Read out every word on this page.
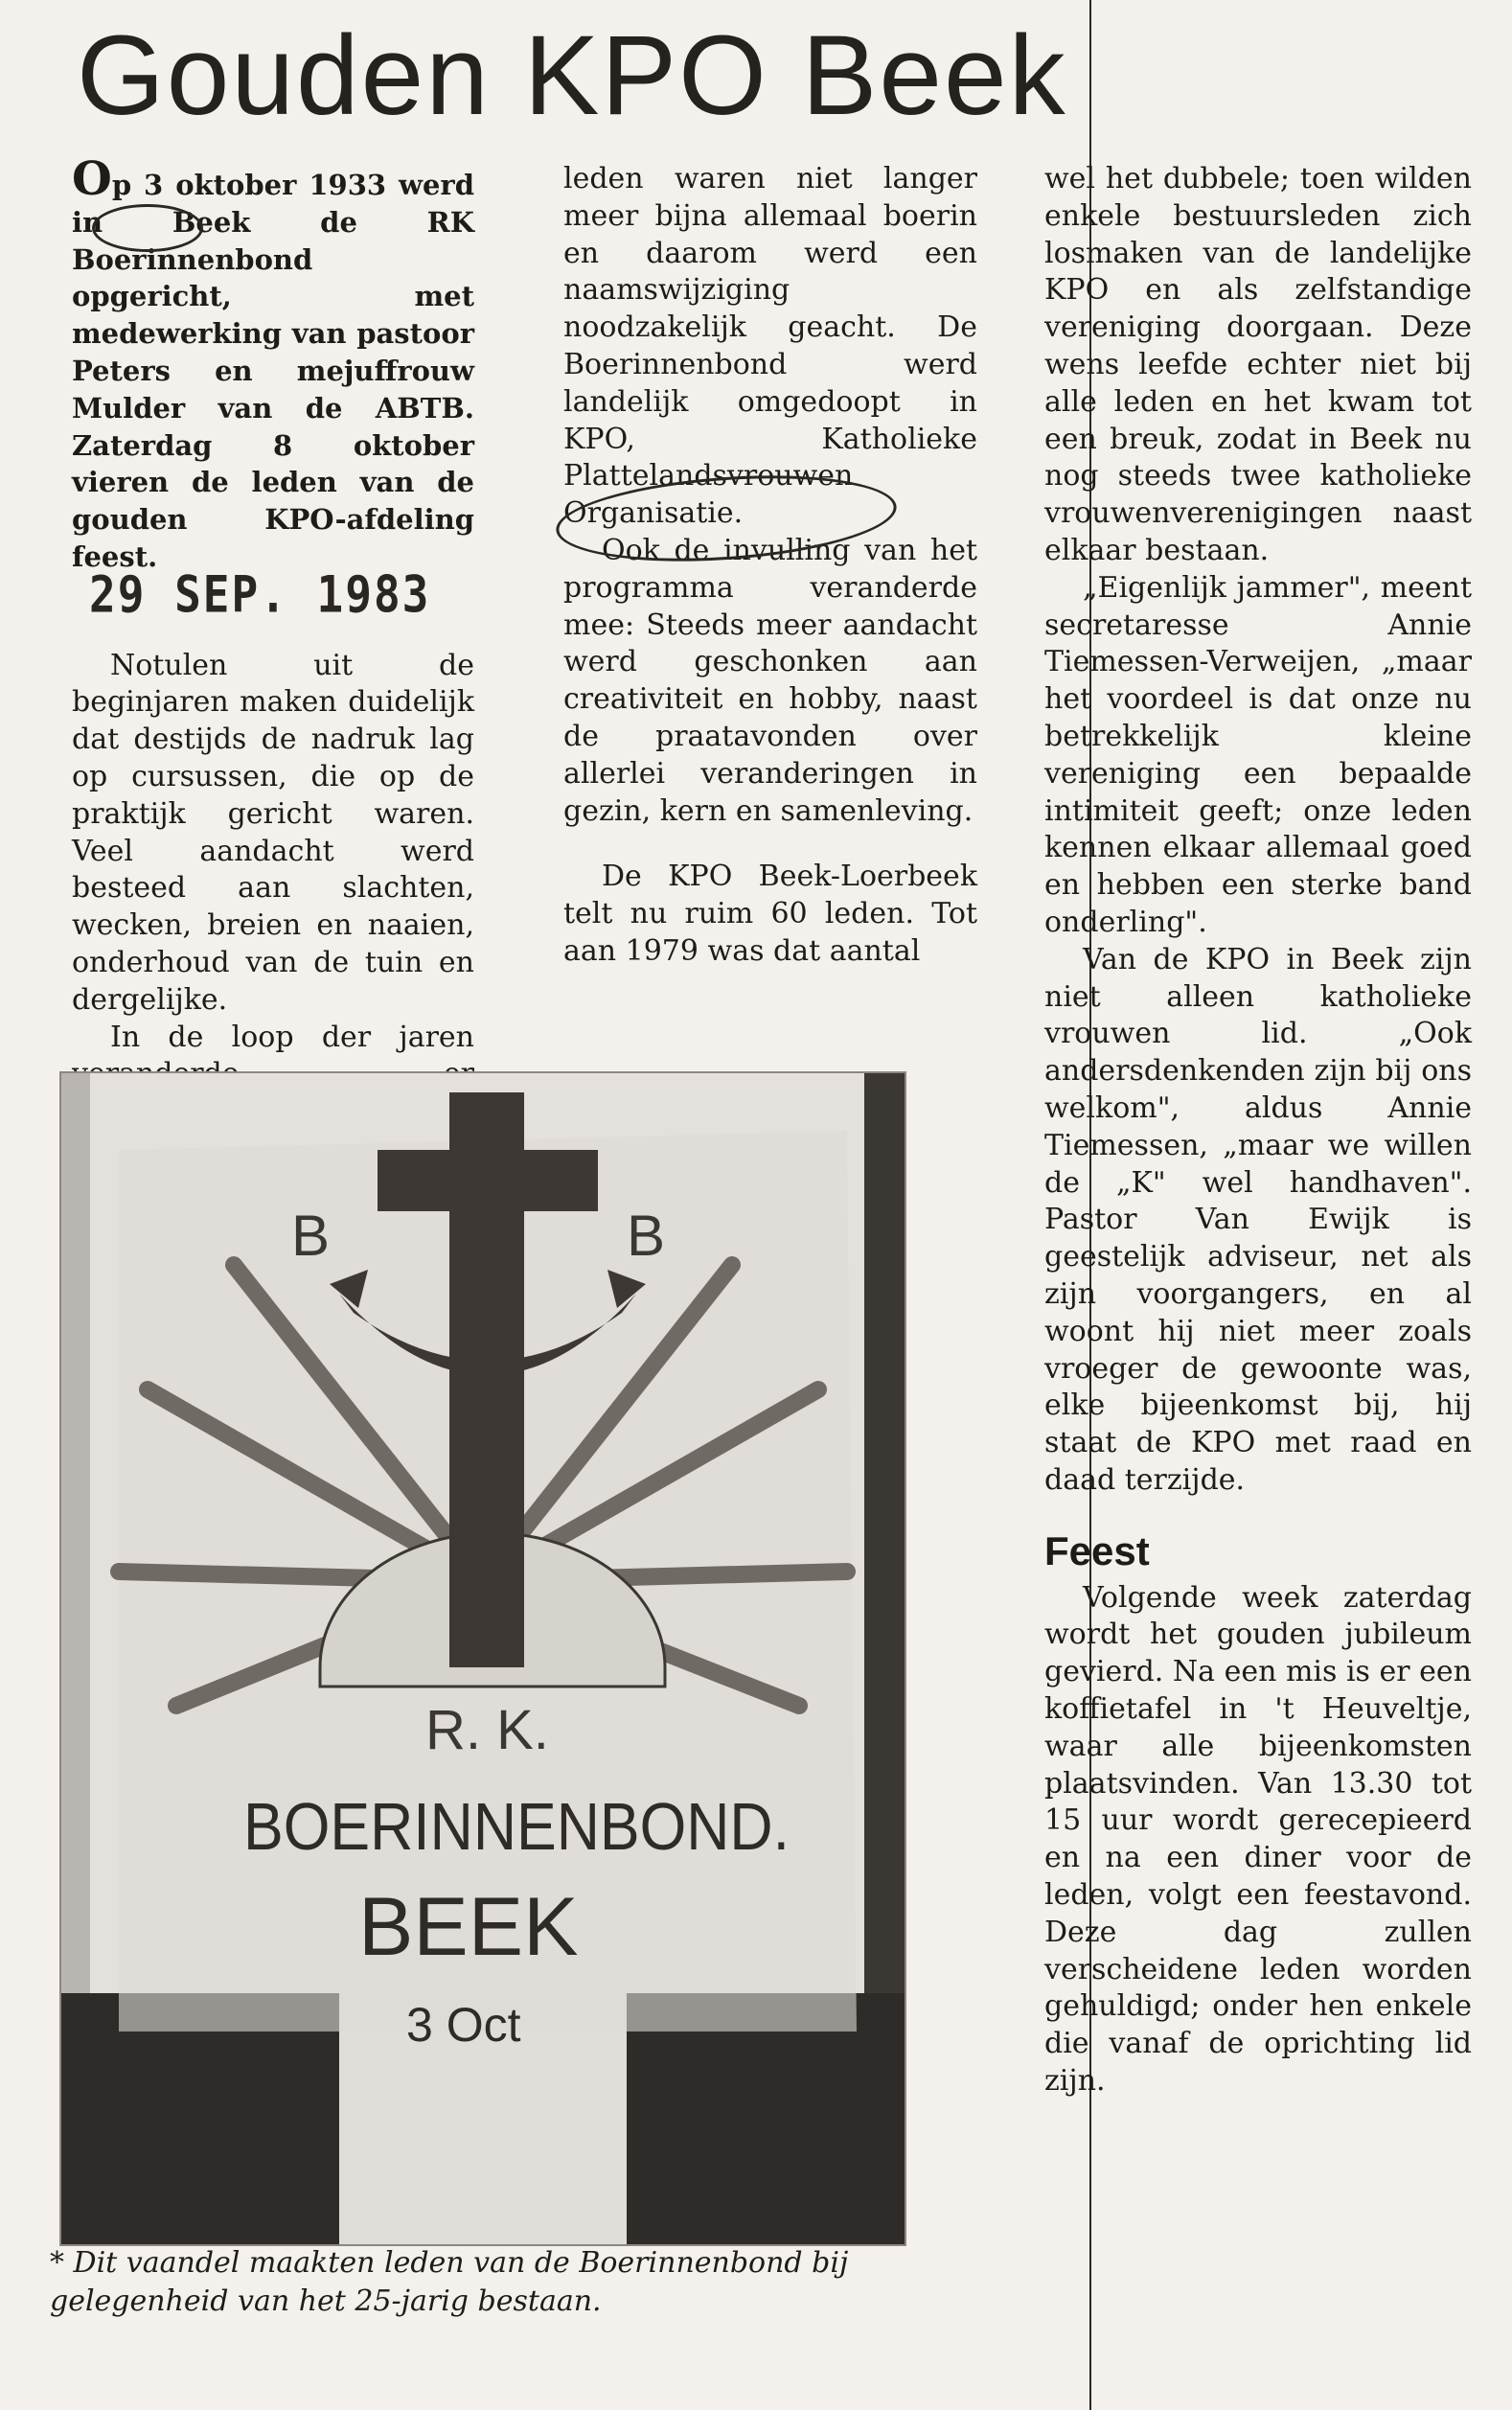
Gouden KPO Beek

Op 3 oktober 1933 werd in Beek de RK Boerinnenbond opgericht, met medewerking van pastoor Peters en mejuffrouw Mulder van de ABTB. Zaterdag 8 oktober vieren de leden van de gouden KPO-afdeling feest.29 SEP. 1983

Notulen uit de beginjaren maken duidelijk dat destijds de nadruk lag op cursussen, die op de praktijk gericht waren. Veel aandacht werd besteed aan slachten, wecken, breien en naaien, onderhoud van de tuin en dergelijke.

In de loop der jaren

leden waren niet langer meer bijna allemaal boerin en daarom werd een naamswijziging noodzakelijk geacht. De Boerinnenbond werd landelijk omgedoopt in KPO, Katholieke Plattelandsvrouwen Organisatie.

Ook de invulling van het programma veranderde mee: Steeds meer aandacht werd geschonken aan creativiteit en hobby, naast de praatavonden over allerlei veranderingen in gezin, kern en samenleving.

De KPO Beek-Loerbeek telt nu ruim 60 leden. Tot aan 1979 was dat aantal

wel het dubbele; toen wilden enkele bestuursleden zich losmaken van de landelijke KPO en als zelfstandige vereniging doorgaan. Deze wens leefde echter niet bij alle leden en het kwam tot een breuk, zodat in Beek nu nog steeds twee katholieke vrouwenverenigingen naast elkaar bestaan.

„Eigenlijk jammer", meent secretaresse Annie Tiemessen-Verweijen, „maar het voordeel is dat onze nu betrekkelijk kleine vereniging een bepaalde intimiteit geeft; onze leden kennen elkaar allemaal goed en hebben een sterke band onderling".

Van de KPO in Beek zijn niet alleen katholieke vrouwen lid. „Ook andersdenkenden zijn bij ons welkom", aldus Annie Tiemessen, „maar we willen de „K" wel handhaven". Pastor Van Ewijk is geestelijk adviseur, net als zijn voorgangers, en al woont hij niet meer zoals vroeger de gewoonte was, elke bijeenkomst bij, hij staat de KPO met raad en daad terzijde.

Feest

Volgende week zaterdag wordt het gouden jubileum gevierd. Na een mis is er een koffietafel in 't Heuveltje, waar alle bijeenkomsten plaatsvinden. Van 13.30 tot 15 uur wordt gerecepieerd en na een diner voor de leden, volgt een feestavond. Deze dag zullen verscheidene leden worden gehuldigd; onder hen enkele die vanaf de oprichting lid zijn.

B	B
R. K.
BOERINNENBOND.
BEEK
3 Oct
* Dit vaandel maakten leden van de Boerinnenbond bij gelegenheid van het 25-jarig bestaan.
